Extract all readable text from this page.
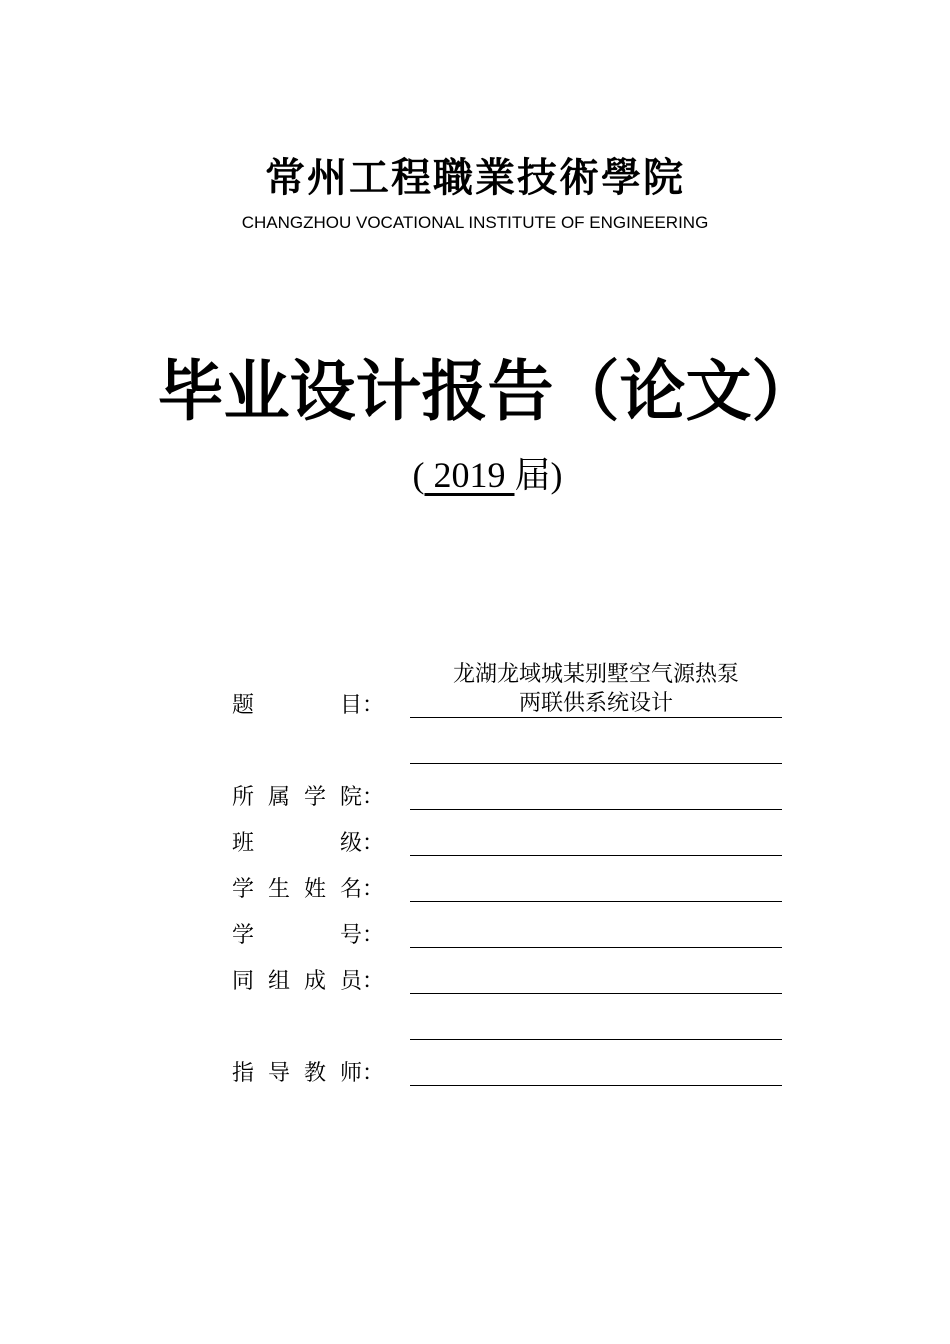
常州工程職業技術學院
CHANGZHOU VOCATIONAL INSTITUTE OF ENGINEERING
毕业设计报告（论文）
( 2019 届)
题	目：
龙湖龙域城某别墅空气源热泵
两联供系统设计
所 属 学 院：
班	级：
学 生 姓 名：
学	号：
同 组 成 员：
指 导 教 师：
